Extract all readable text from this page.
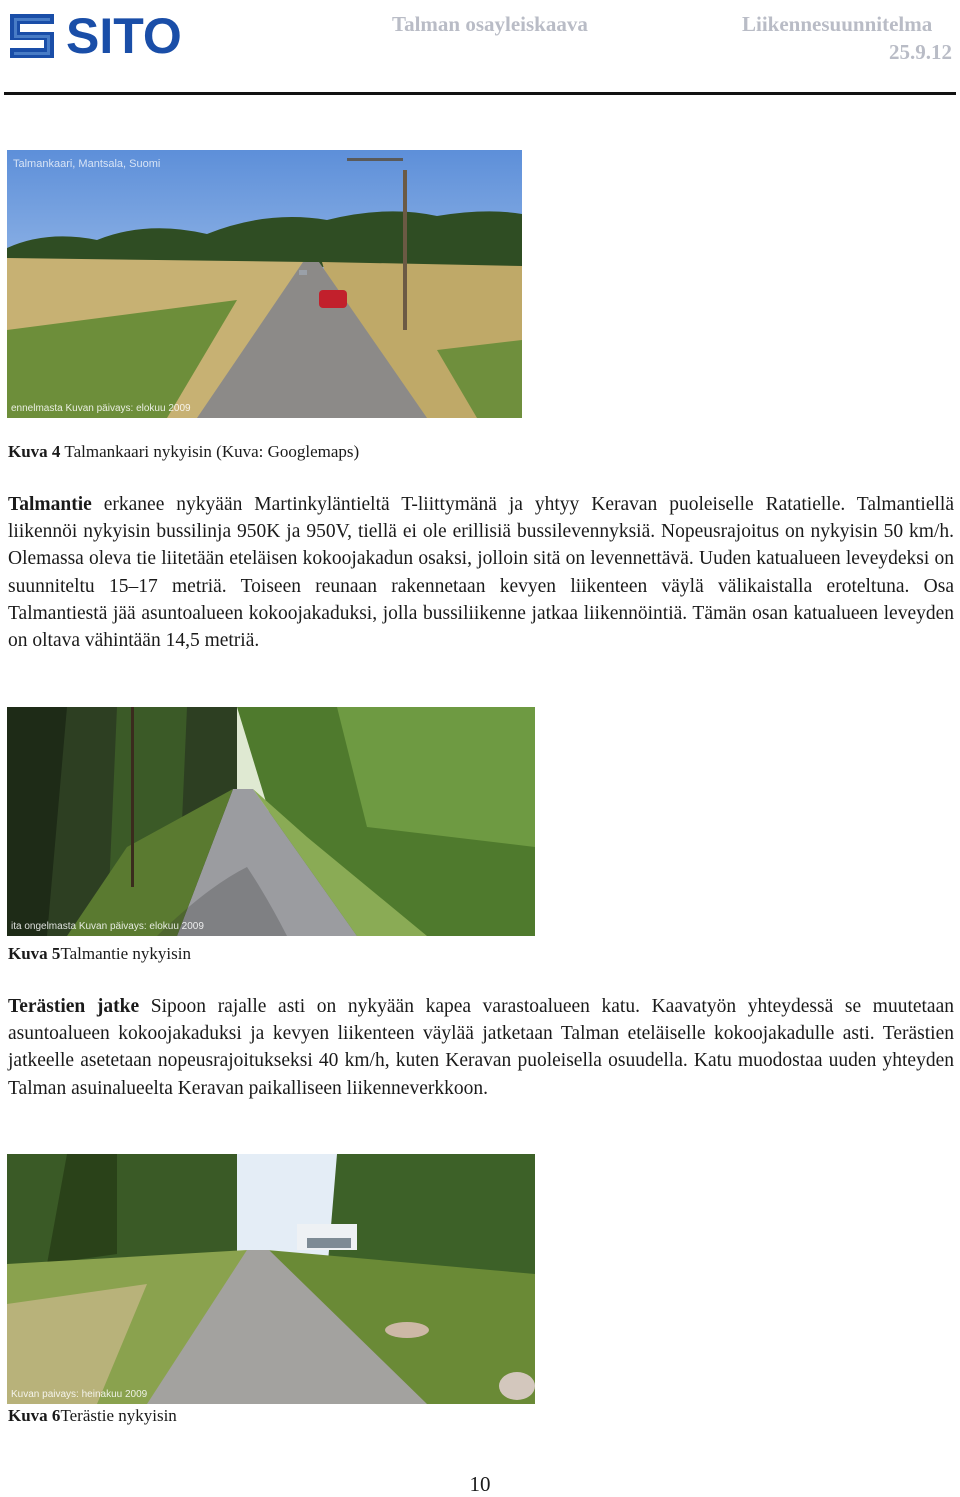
SITO	Talman osayleiskaava	Liikennesuunnitelma
25.9.12
Talmankaari, Mantsala, Suomi
ennelmasta Kuvan päivays: elokuu 2009
Kuva 4 Talmankaari nykyisin (Kuva: Googlemaps)
Talmantie erkanee nykyään Martinkyläntieltä T-liittymänä ja yhtyy Keravan puoleiselle Ratatielle. Talmantiellä liikennöi nykyisin bussilinja 950K ja 950V, tiellä ei ole erillisiä bussilevennyksiä. Nopeusrajoitus on nykyisin 50 km/h. Olemassa oleva tie liitetään eteläisen kokoojakadun osaksi, jolloin sitä on levennettävä. Uuden katualueen leveydeksi on suunniteltu 15–17 metriä. Toiseen reunaan rakennetaan kevyen liikenteen väylä välikaistalla eroteltuna. Osa Talmantiestä jää asuntoalueen kokoojakaduksi, jolla bussiliikenne jatkaa liikennöintiä. Tämän osan katualueen leveyden on oltava vähintään 14,5 metriä.
ita ongelmasta Kuvan päivays: elokuu 2009
Kuva 5Talmantie nykyisin
Terästien jatke Sipoon rajalle asti on nykyään kapea varastoalueen katu. Kaavatyön yhteydessä se muutetaan asuntoalueen kokoojakaduksi ja kevyen liikenteen väylää jatketaan Talman eteläiselle kokoojakadulle asti. Terästien jatkeelle asetetaan nopeusrajoitukseksi 40 km/h, kuten Keravan puoleisella osuudella. Katu muodostaa uuden yhteyden Talman asuinalueelta Keravan paikalliseen liikenneverkkoon.
Kuvan paivays: heinakuu 2009
Kuva 6Terästie nykyisin
10
